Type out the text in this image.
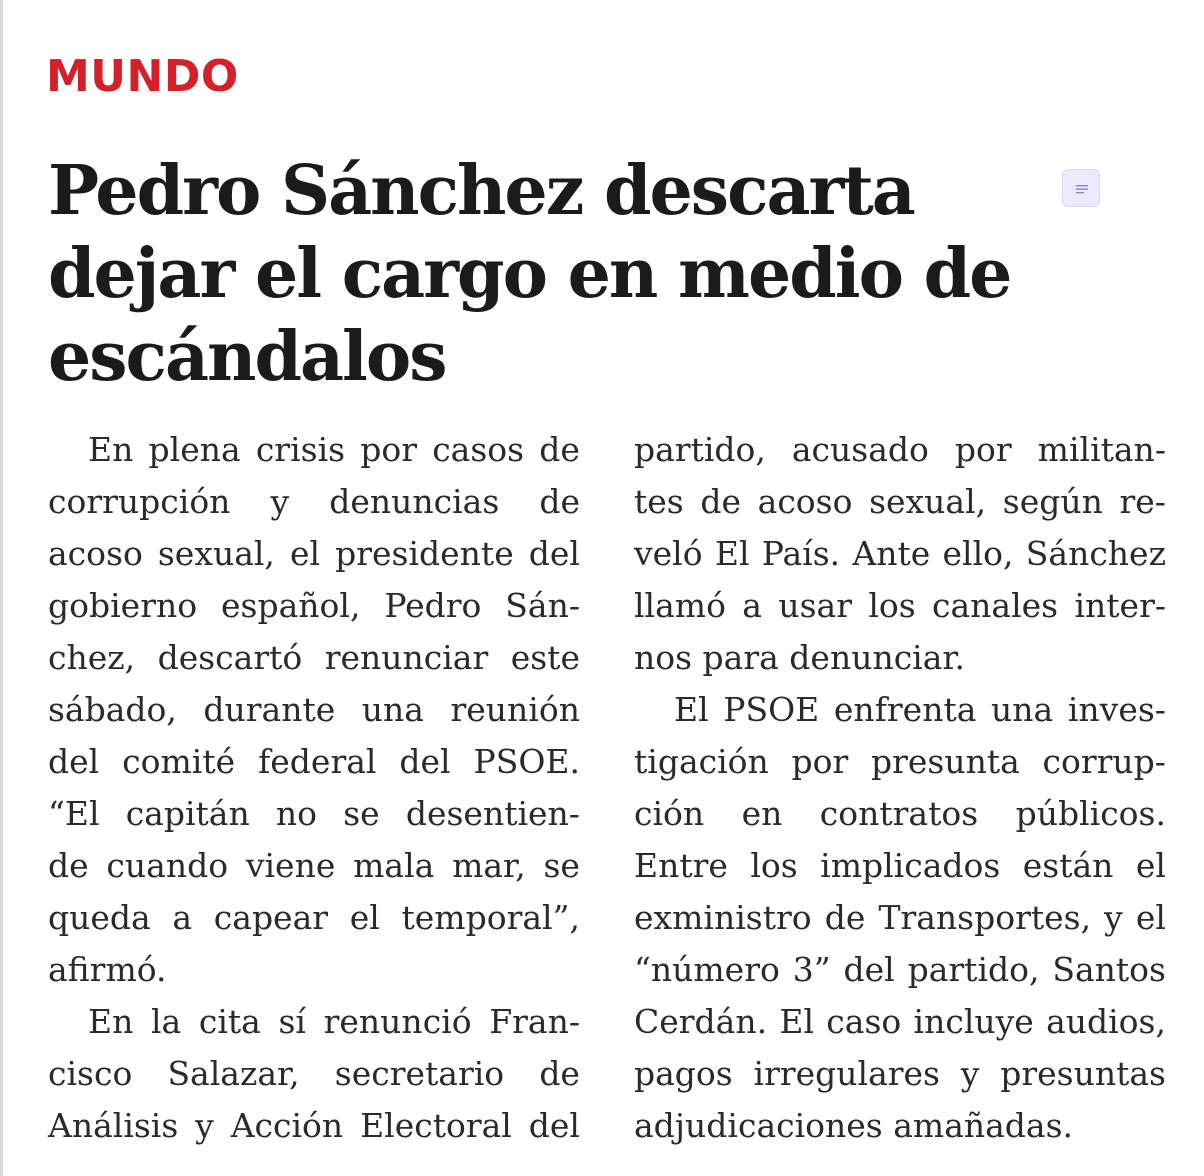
MUNDO
Pedro Sánchez descarta dejar el cargo en medio de escándalos

En plena crisis por casos de
corrupción y denuncias de
acoso sexual, el presidente del
gobierno español, Pedro Sán-
chez, descartó renunciar este
sábado, durante una reunión
del comité federal del PSOE.
“El capitán no se desentien-
de cuando viene mala mar, se
queda a capear el temporal”,
afirmó.

En la cita sí renunció Fran-
cisco Salazar, secretario de
Análisis y Acción Electoral del

partido, acusado por militan-
tes de acoso sexual, según re-
veló El País. Ante ello, Sánchez
llamó a usar los canales inter-
nos para denunciar.

El PSOE enfrenta una inves-
tigación por presunta corrup-
ción en contratos públicos.
Entre los implicados están el
exministro de Transportes, y el
“número 3” del partido, Santos
Cerdán. El caso incluye audios,
pagos irregulares y presuntas
adjudicaciones amañadas.
